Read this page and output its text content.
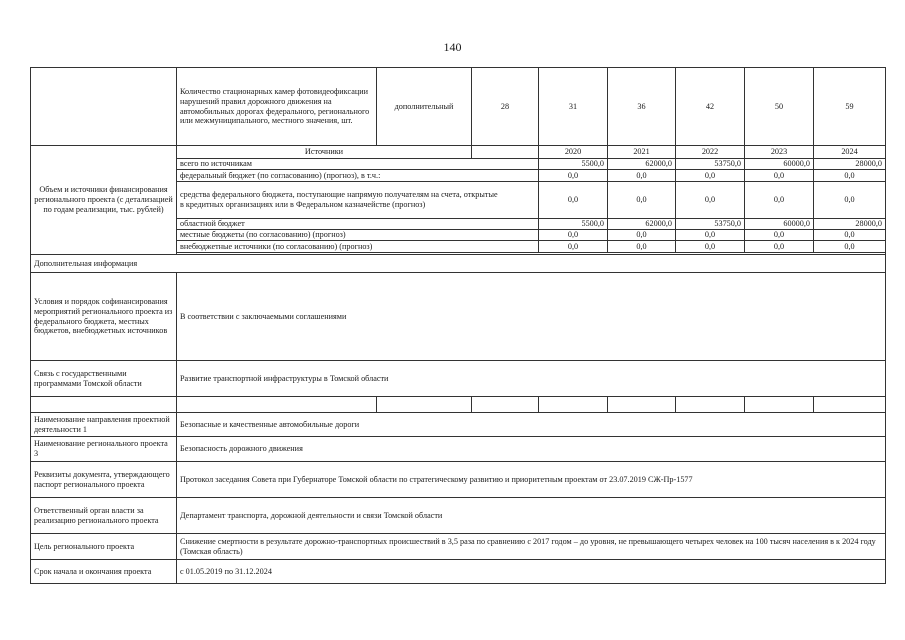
140
	Количество стационарных камер фотовидеофиксации нарушений правил дорожного движения на автомобильных дорогах федерального, регионального или межмуниципального, местного значения, шт.	дополнительный	28	31	36	42	50	59
Объем и источники финансирования регионального проекта (с детализацией по годам реализации, тыс. рублей)	Источники			2020	2021	2022	2023	2024
	всего по источникам			5500,0	62000,0	53750,0	60000,0	28000,0
	федеральный бюджет (по согласованию) (прогноз), в т.ч.:			0,0	0,0	0,0	0,0	0,0
	средства федерального бюджета, поступающие напрямую получателям на счета, открытые в кредитных организациях или в Федеральном казначействе (прогноз)			0,0	0,0	0,0	0,0	0,0
	областной бюджет			5500,0	62000,0	53750,0	60000,0	28000,0
	местные бюджеты (по согласованию) (прогноз)			0,0	0,0	0,0	0,0	0,0
	внебюджетные источники (по согласованию) (прогноз)			0,0	0,0	0,0	0,0	0,0

Дополнительная информация								
Условия и порядок софинансирования мероприятий регионального проекта из федерального бюджета, местных бюджетов, внебюджетных источников	В соответствии с заключаемыми соглашениями							
Связь с государственными программами Томской области	Развитие транспортной инфраструктуры в Томской области							

Наименование направления проектной деятельности 1	Безопасные и качественные автомобильные дороги							
Наименование регионального проекта 3	Безопасность дорожного движения							
Реквизиты документа, утверждающего паспорт регионального проекта	Протокол заседания Совета при Губернаторе Томской области по стратегическому развитию и приоритетным проектам от 23.07.2019 СЖ-Пр-1577							
Ответственный орган власти за реализацию регионального проекта	Департамент транспорта, дорожной деятельности и связи Томской области							
Цель регионального проекта	Снижение смертности в результате дорожно-транспортных происшествий в 3,5 раза по сравнению с 2017 годом – до уровня, не превышающего четырех человек на 100 тысяч населения в к 2024 году (Томская область)							
Срок начала и окончания проекта	с 01.05.2019 по 31.12.2024							
